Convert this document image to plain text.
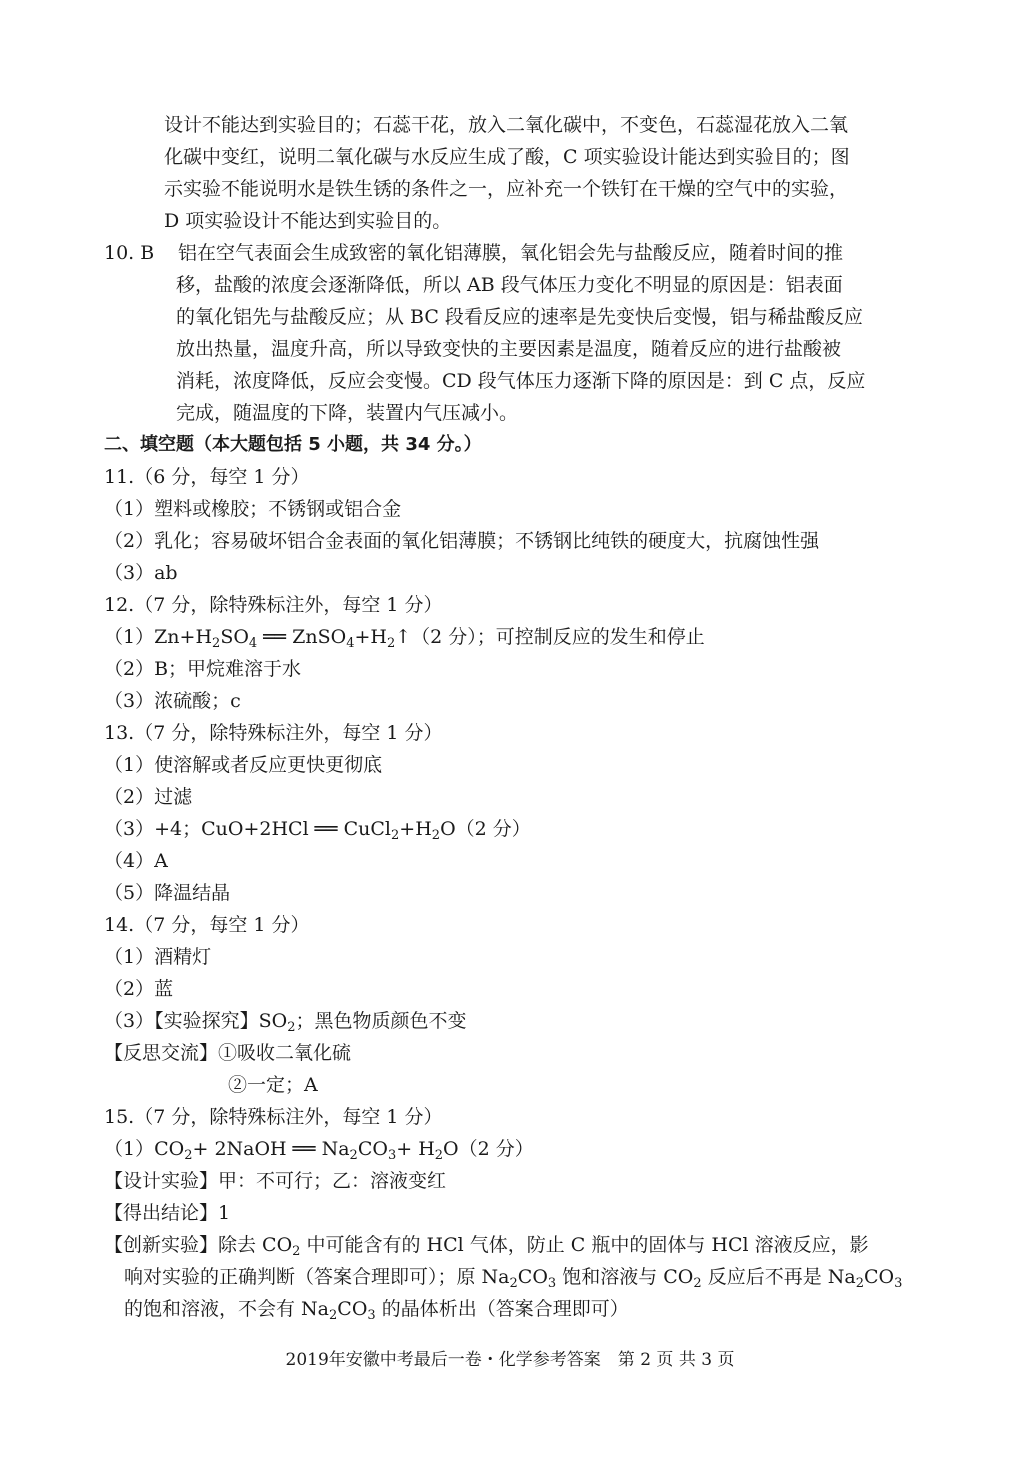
设计不能达到实验目的；石蕊干花，放入二氧化碳中，不变色，石蕊湿花放入二氧
化碳中变红，说明二氧化碳与水反应生成了酸，C 项实验设计能达到实验目的；图
示实验不能说明水是铁生锈的条件之一，应补充一个铁钉在干燥的空气中的实验，
D 项实验设计不能达到实验目的。
10. B 铝在空气表面会生成致密的氧化铝薄膜，氧化铝会先与盐酸反应，随着时间的推
移，盐酸的浓度会逐渐降低，所以 AB 段气体压力变化不明显的原因是：铝表面
的氧化铝先与盐酸反应；从 BC 段看反应的速率是先变快后变慢，铝与稀盐酸反应
放出热量，温度升高，所以导致变快的主要因素是温度，随着反应的进行盐酸被
消耗，浓度降低，反应会变慢。CD 段气体压力逐渐下降的原因是：到 C 点，反应
完成，随温度的下降，装置内气压减小。
二、填空题（本大题包括 5 小题，共 34 分。）
11.（6 分，每空 1 分）
（1）塑料或橡胶；不锈钢或铝合金
（2）乳化；容易破坏铝合金表面的氧化铝薄膜；不锈钢比纯铁的硬度大，抗腐蚀性强
（3）ab
12.（7 分，除特殊标注外，每空 1 分）
$(1)Zn+H_2SO_4$ ══ $ZnSO_4+H_2↑(2$ 分）；可控制反应的发生和停止
（2）B；甲烷难溶于水
（3）浓硫酸；c
13.（7 分，除特殊标注外，每空 1 分）
（1）使溶解或者反应更快更彻底
（2）过滤
（3）+4；CuO+2HCl ══ $CuCl_2+H_2O(2$ 分）
（4）A
（5）降温结晶
14.（7 分，每空 1 分）
（1）酒精灯
（2）蓝
（3）【实验探究】$SO_2$；黑色物质颜色不变
【反思交流】①吸收二氧化硫
②一定；A
15.（7 分，除特殊标注外，每空 1 分）
$(1)CO_2+$ 2NaOH ══ $Na_2CO_3+ H_2O(2$ 分）
【设计实验】甲：不可行；乙：溶液变红
【得出结论】1
【创新实验】除去 $CO_2$ 中可能含有的 HCl 气体，防止 C 瓶中的固体与 HCl 溶液反应，影
响对实验的正确判断（答案合理即可）；原 $Na_2CO_3$ 饱和溶液与 $CO_2$ 反应后不再是 $Na_2CO_3$
的饱和溶液，不会有 $Na_2CO_3$ 的晶体析出（答案合理即可）
2019年安徽中考最后一卷・化学参考答案　第 2 页 共 3 页
